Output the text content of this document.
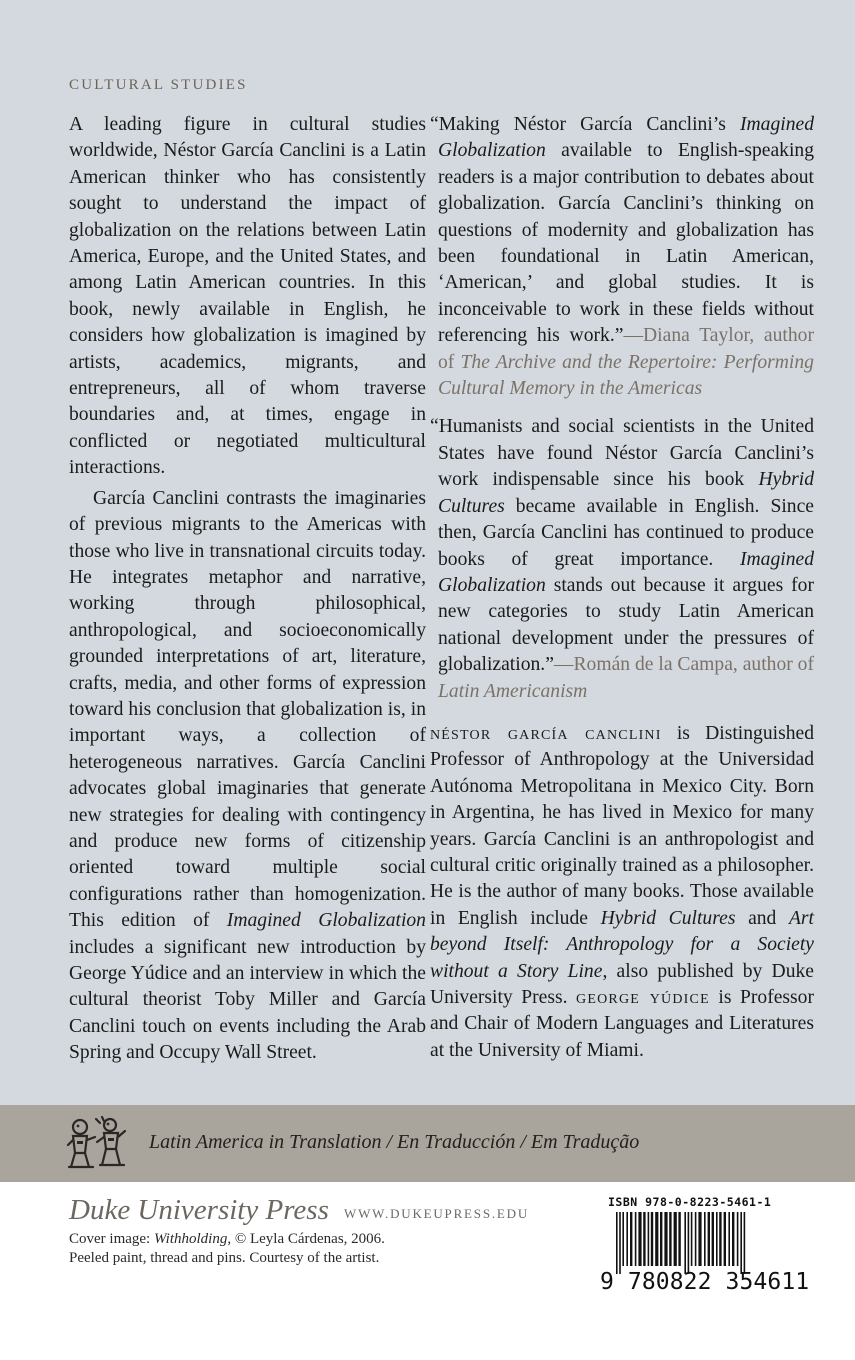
CULTURAL STUDIES

A leading figure in cultural studies worldwide, Néstor García Canclini is a Latin American thinker who has consistently sought to understand the impact of globalization on the relations between Latin America, Europe, and the United States, and among Latin American countries. In this book, newly available in English, he considers how globalization is imagined by artists, academics, migrants, and entrepreneurs, all of whom traverse boundaries and, at times, engage in conflicted or negotiated multicultural interactions.

García Canclini contrasts the imaginaries of previous migrants to the Americas with those who live in transnational circuits today. He integrates metaphor and narrative, working through philosophical, anthropological, and socioeconomically grounded interpretations of art, literature, crafts, media, and other forms of expression toward his conclusion that globalization is, in important ways, a collection of heterogeneous narratives. García Canclini advocates global imaginaries that generate new strategies for dealing with contingency and produce new forms of citizenship oriented toward multiple social configurations rather than homogenization. This edition of Imagined Globalization includes a significant new introduction by George Yúdice and an interview in which the cultural theorist Toby Miller and García Canclini touch on events including the Arab Spring and Occupy Wall Street.

“Making Néstor García Canclini’s Imagined Globalization available to English-speaking readers is a major contribution to debates about globalization. García Canclini’s thinking on questions of modernity and globalization has been foundational in Latin American, ‘American,’ and global studies. It is inconceivable to work in these fields without referencing his work.”—Diana Taylor, author of The Archive and the Repertoire: Performing Cultural Memory in the Americas

“Humanists and social scientists in the United States have found Néstor García Canclini’s work indispensable since his book Hybrid Cultures became available in English. Since then, García Canclini has continued to produce books of great importance. Imagined Globalization stands out because it argues for new categories to study Latin American national development under the pressures of globalization.”—Román de la Campa, author of Latin Americanism

néstor garcía canclini is Distinguished Professor of Anthropology at the Universidad Autónoma Metropolitana in Mexico City. Born in Argentina, he has lived in Mexico for many years. García Canclini is an anthropologist and cultural critic originally trained as a philosopher. He is the author of many books. Those available in English include Hybrid Cultures and Art beyond Itself: Anthropology for a Society without a Story Line, also published by Duke University Press. george yúdice is Professor and Chair of Modern Languages and Literatures at the University of Miami.

Latin America in Translation / En Traducción / Em Tradução
Duke University Press WWW.DUKEUPRESS.EDU
Cover image: Withholding, © Leyla Cárdenas, 2006.
Peeled paint, thread and pins. Courtesy of the artist.
ISBN 978-0-8223-5461-1
9 780822 354611
